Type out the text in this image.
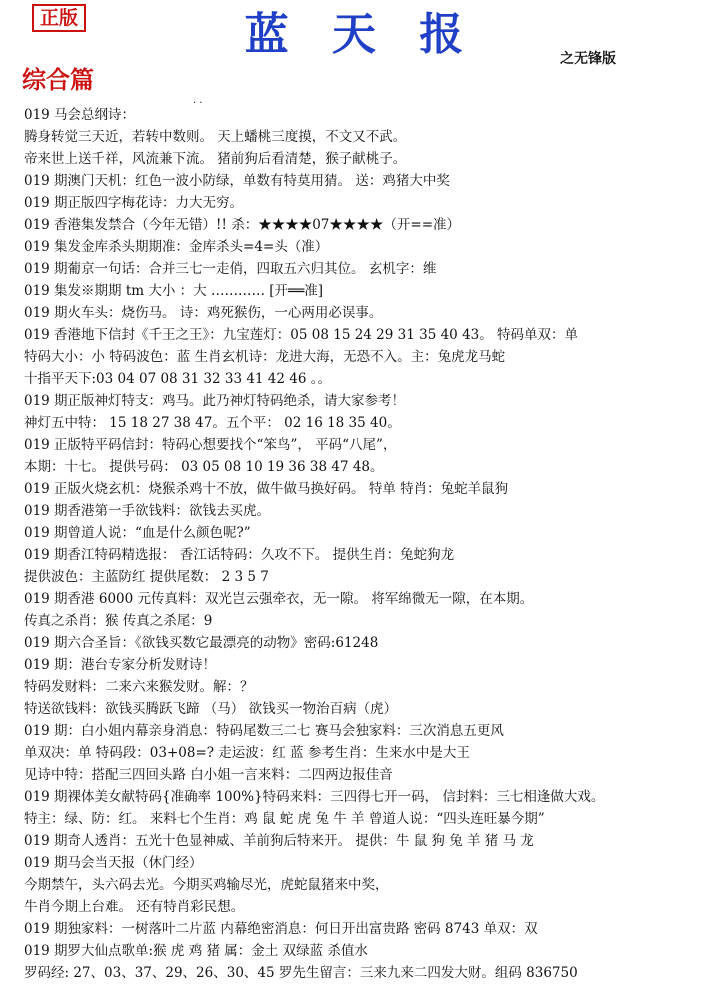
正版	蓝 天 报	之无锋版
综合篇
· ·
019 马会总纲诗：
腾身转觉三天近，若转中数则。 天上蟠桃三度摸，不文又不武。
帝来世上送千祥，风流兼下流。 猪前狗后看清楚，猴子献桃子。
019 期澳门天机：红色一波小防绿，单数有特莫用猜。 送：鸡猪大中奖
019 期正版四字梅花诗：力大无穷。
019 香港集发禁合（今年无错）!! 杀：★★★★07★★★★（开==准）
019 集发金库杀头期期准：金库杀头=4=头（准）
019 期葡京一句话：合并三七一走俏，四取五六归其位。 玄机字：维
019 集发※期期 tm 大小 ：大 ………… [开══准]
019 期火车头：烧伤马。 诗：鸡死猴伤，一心两用必误事。
019 香港地下信封《千王之王》：九宝莲灯：05 08 15 24 29 31 35 40 43。 特码单双：单
特码大小：小 特码波色：蓝 生肖玄机诗：龙进大海，无恐不入。主：兔虎龙马蛇
十指平天下:03 04 07 08 31 32 33 41 42 46 。。
019 期正版神灯特支：鸡马。此乃神灯特码绝杀，请大家参考！
神灯五中特： 15 18 27 38 47。五个平： 02 16 18 35 40。
019 正版特平码信封：特码心想要找个“笨鸟”， 平码“八尾”，
本期：十七。 提供号码： 03 05 08 10 19 36 38 47 48。
019 正版火烧玄机：烧猴杀鸡十不放，做牛做马换好码。 特单 特肖：兔蛇羊鼠狗
019 期香港第一手欲钱料：欲钱去买虎。
019 期曾道人说：“血是什么颜色呢?”
019 期香江特码精选报： 香江话特码：久攻不下。 提供生肖：兔蛇狗龙
提供波色：主蓝防红 提供尾数： 2 3 5 7
019 期香港 6000 元传真料：双光岂云强牵衣，无一隙。 将军绵微无一隙，在本期。
传真之杀肖：猴 传真之杀尾：9
019 期六合圣旨：《欲钱买数它最漂亮的动物》密码:61248
019 期：港台专家分析发财诗！
特码发财料：二来六来猴发财。解：？
特送欲钱料：欲钱买腾跃飞蹄 （马） 欲钱买一物治百病（虎）
019 期：白小姐内幕亲身消息：特码尾数三二七 赛马会独家料：三次消息五更风
单双决：单 特码段：03+08=? 走运波：红 蓝 参考生肖：生来水中是大王
见诗中特：搭配三四回头路 白小姐一言来料：二四两边报佳音
019 期裸体美女献特码{准确率 100%}特码来料：三四得七开一码， 信封料：三七相逢做大戏。
特主：绿、防：红。 来料七个生肖：鸡 鼠 蛇 虎 兔 牛 羊 曾道人说：“四头连旺暴今期”
019 期奇人透肖：五光十色显神威、羊前狗后特来开。 提供：牛 鼠 狗 兔 羊 猪 马 龙
019 期马会当天报（休门经）
今期禁午，头六码去光。今期买鸡输尽光，虎蛇鼠猪来中奖，
牛肖今期上台难。 还有特肖彩民想。
019 期独家料：一树落叶二片蓝 内幕绝密消息：何日开出富贵路 密码 8743 单双：双
019 期罗大仙点歌单:猴 虎 鸡 猪 属：金土 双绿蓝 杀值水
罗码经: 27、03、37、29、26、30、45 罗先生留言：三来九来二四发大财。组码 836750
